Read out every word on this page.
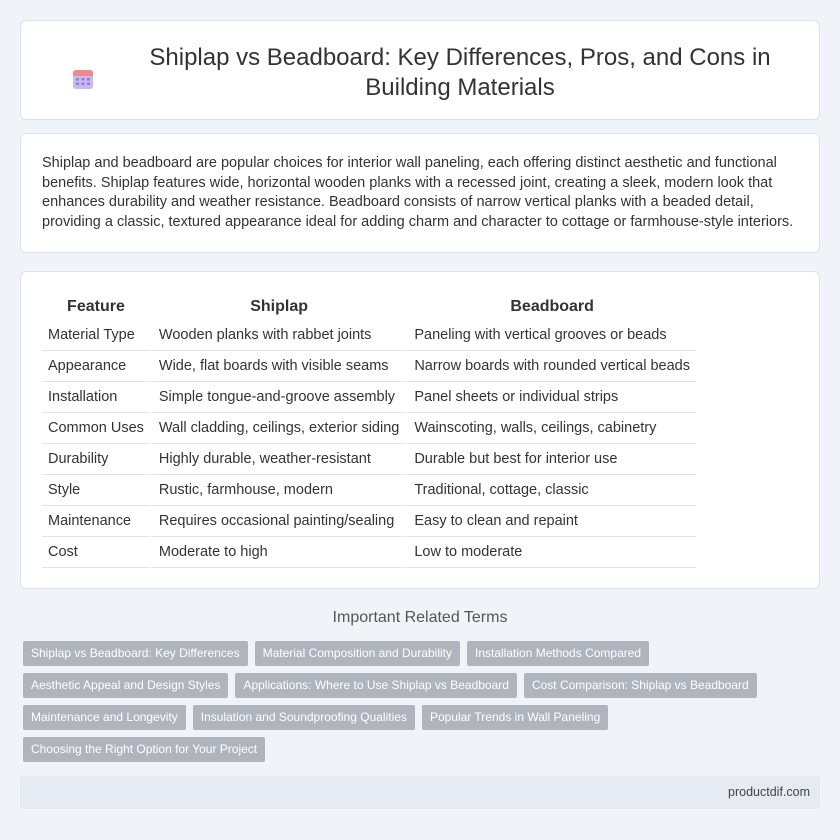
Shiplap vs Beadboard: Key Differences, Pros, and Cons in Building Materials

Shiplap and beadboard are popular choices for interior wall paneling, each offering distinct aesthetic and functional benefits. Shiplap features wide, horizontal wooden planks with a recessed joint, creating a sleek, modern look that enhances durability and weather resistance. Beadboard consists of narrow vertical planks with a beaded detail, providing a classic, textured appearance ideal for adding charm and character to cottage or farmhouse-style interiors.

Feature	Shiplap	Beadboard
Material Type	Wooden planks with rabbet joints	Paneling with vertical grooves or beads
Appearance	Wide, flat boards with visible seams	Narrow boards with rounded vertical beads
Installation	Simple tongue-and-groove assembly	Panel sheets or individual strips
Common Uses	Wall cladding, ceilings, exterior siding	Wainscoting, walls, ceilings, cabinetry
Durability	Highly durable, weather-resistant	Durable but best for interior use
Style	Rustic, farmhouse, modern	Traditional, cottage, classic
Maintenance	Requires occasional painting/sealing	Easy to clean and repaint
Cost	Moderate to high	Low to moderate
Important Related Terms
Shiplap vs Beadboard: Key Differences	Material Composition and Durability	Installation Methods Compared
Aesthetic Appeal and Design Styles	Applications: Where to Use Shiplap vs Beadboard	Cost Comparison: Shiplap vs Beadboard
Maintenance and Longevity	Insulation and Soundproofing Qualities	Popular Trends in Wall Paneling
Choosing the Right Option for Your Project
productdif.com
